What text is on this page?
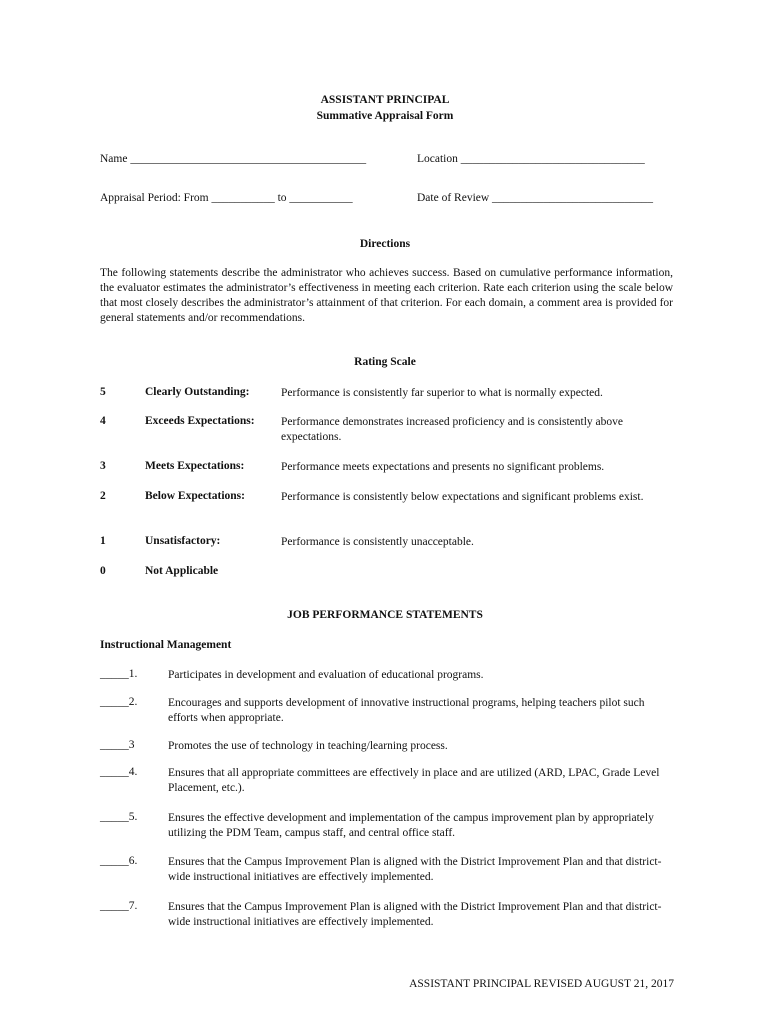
ASSISTANT PRINCIPAL
Summative Appraisal Form
Name _________________________________________	Location ________________________________
Appraisal Period: From ___________ to ___________	Date of Review ____________________________
Directions
The following statements describe the administrator who achieves success. Based on cumulative performance information, the evaluator estimates the administrator’s effectiveness in meeting each criterion. Rate each criterion using the scale below that most closely describes the administrator’s attainment of that criterion. For each domain, a comment area is provided for general statements and/or recommendations.
Rating Scale
5	Clearly Outstanding:	Performance is consistently far superior to what is normally expected.
4	Exceeds Expectations: Performance demonstrates increased proficiency and is consistently above expectations.
3	Meets Expectations:	Performance meets expectations and presents no significant problems.
2	Below Expectations:	Performance is consistently below expectations and significant problems exist.
1	Unsatisfactory:	Performance is consistently unacceptable.
0	Not Applicable
JOB PERFORMANCE STATEMENTS
Instructional Management
_____1.	Participates in development and evaluation of educational programs.
_____2.	Encourages and supports development of innovative instructional programs, helping teachers pilot such efforts when appropriate.
_____3	Promotes the use of technology in teaching/learning process.
_____4.	Ensures that all appropriate committees are effectively in place and are utilized (ARD, LPAC, Grade Level Placement, etc.).
_____5.	Ensures the effective development and implementation of the campus improvement plan by appropriately utilizing the PDM Team, campus staff, and central office staff.
_____6.	Ensures that the Campus Improvement Plan is aligned with the District Improvement Plan and that district-wide instructional initiatives are effectively implemented.
_____7.	Ensures that the Campus Improvement Plan is aligned with the District Improvement Plan and that district-wide instructional initiatives are effectively implemented.
ASSISTANT PRINCIPAL REVISED AUGUST 21, 2017
